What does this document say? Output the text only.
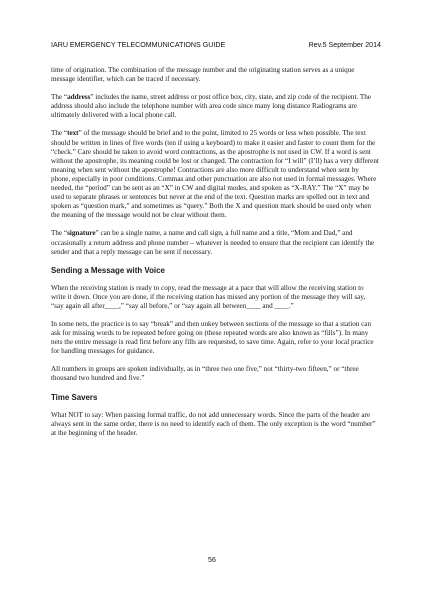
IARU EMERGENCY TELECOMMUNICATIONS GUIDE	Rev.5 September 2014

time of origination. The combination of the message number and the originating station serves as a unique message identifier, which can be traced if necessary.

The “address” includes the name, street address or post office box, city, state, and zip code of the recipient. The address should also include the telephone number with area code since many long distance Radiograms are ultimately delivered with a local phone call.

The “text” of the message should be brief and to the point, limited to 25 words or less when possible. The text should be written in lines of five words (ten if using a keyboard) to make it easier and faster to count them for the “check.” Care should be taken to avoid word contractions, as the apostrophe is not used in CW. If a word is sent without the apostrophe, its meaning could be lost or changed. The contraction for “I will” (I’ll) has a very different meaning when sent without the apostrophe! Contractions are also more difficult to understand when sent by phone, especially in poor conditions. Commas and other punctuation are also not used in formal messages. Where needed, the “period” can be sent as an “X” in CW and digital modes, and spoken as “X-RAY.” The “X” may be used to separate phrases or sentences but never at the end of the text. Question marks are spelled out in text and spoken as “question mark,” and sometimes as “query.” Both the X and question mark should be used only when the meaning of the message would not be clear without them.

The “signature” can be a single name, a name and call sign, a full name and a title, “Mom and Dad,” and occasionally a return address and phone number – whatever is needed to ensure that the recipient can identify the sender and that a reply message can be sent if necessary.

Sending a Message with Voice

When the receiving station is ready to copy, read the message at a pace that will allow the receiving station to write it down. Once you are done, if the receiving station has missed any portion of the message they will say, “say again all after____,” “say all before,” or “say again all between____ and ____.”

In some nets, the practice is to say “break” and then unkey between sections of the message so that a station can ask for missing words to be repeated before going on (these repeated words are also known as “fills”). In many nets the entire message is read first before any fills are requested, to save time. Again, refer to your local practice for handling messages for guidance.

All numbers in groups are spoken individually, as in “three two one five,” not “thirty-two fifteen,” or “three thousand two hundred and five.”

Time Savers

What NOT to say: When passing formal traffic, do not add unnecessary words. Since the parts of the header are always sent in the same order, there is no need to identify each of them. The only exception is the word “number” at the beginning of the header.

56
